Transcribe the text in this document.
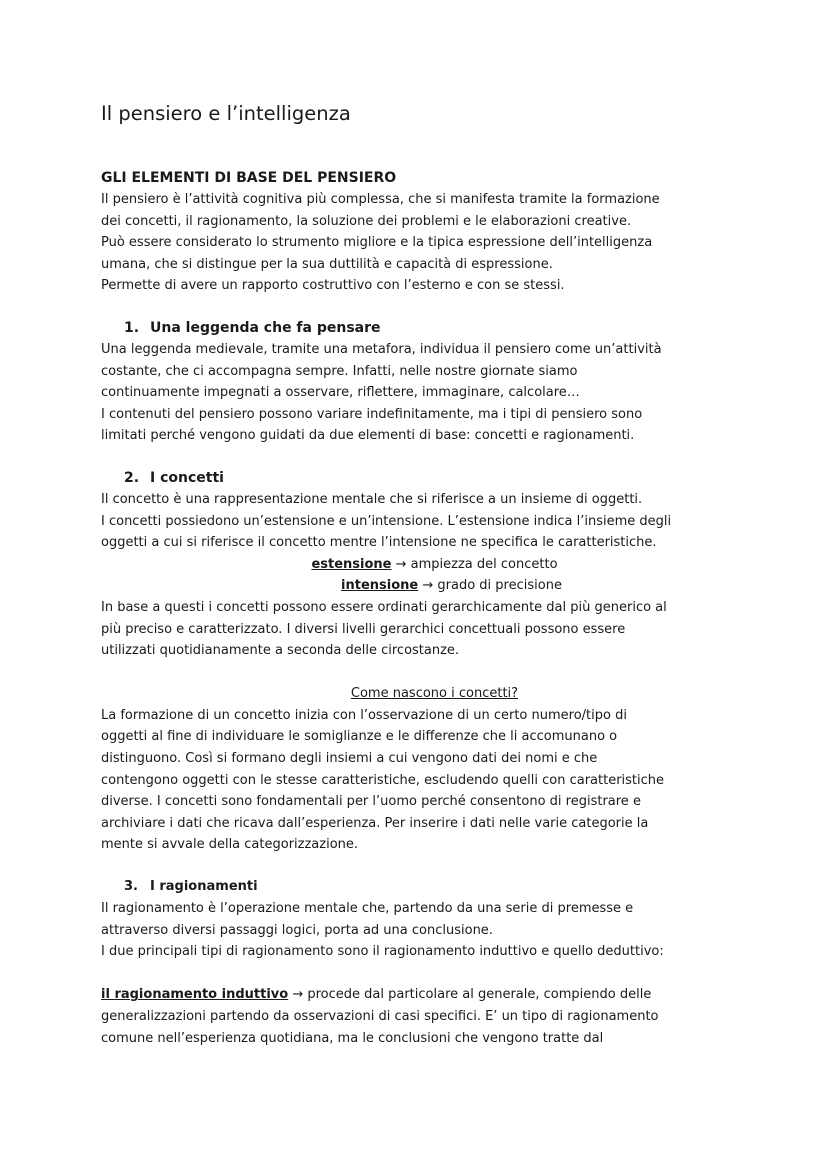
Il pensiero e l’intelligenza
GLI ELEMENTI DI BASE DEL PENSIERO

Il pensiero è l’attività cognitiva più complessa, che si manifesta tramite la formazione

dei concetti, il ragionamento, la soluzione dei problemi e le elaborazioni creative.

Può essere considerato lo strumento migliore e la tipica espressione dell’intelligenza

umana, che si distingue per la sua duttilità e capacità di espressione.

Permette di avere un rapporto costruttivo con l’esterno e con se stessi.

1. Una leggenda che fa pensare

Una leggenda medievale, tramite una metafora, individua il pensiero come un’attività

costante, che ci accompagna sempre. Infatti, nelle nostre giornate siamo

continuamente impegnati a osservare, riflettere, immaginare, calcolare…

I contenuti del pensiero possono variare indefinitamente, ma i tipi di pensiero sono

limitati perché vengono guidati da due elementi di base: concetti e ragionamenti.

2. I concetti

Il concetto è una rappresentazione mentale che si riferisce a un insieme di oggetti.

I concetti possiedono un’estensione e un’intensione. L’estensione indica l’insieme degli

oggetti a cui si riferisce il concetto mentre l’intensione ne specifica le caratteristiche.

estensione → ampiezza del concetto

intensione → grado di precisione

In base a questi i concetti possono essere ordinati gerarchicamente dal più generico al

più preciso e caratterizzato. I diversi livelli gerarchici concettuali possono essere

utilizzati quotidianamente a seconda delle circostanze.

Come nascono i concetti?

La formazione di un concetto inizia con l’osservazione di un certo numero/tipo di

oggetti al fine di individuare le somiglianze e le differenze che li accomunano o

distinguono. Così si formano degli insiemi a cui vengono dati dei nomi e che

contengono oggetti con le stesse caratteristiche, escludendo quelli con caratteristiche

diverse. I concetti sono fondamentali per l’uomo perché consentono di registrare e

archiviare i dati che ricava dall’esperienza. Per inserire i dati nelle varie categorie la

mente si avvale della categorizzazione.

3. I ragionamenti

Il ragionamento è l’operazione mentale che, partendo da una serie di premesse e

attraverso diversi passaggi logici, porta ad una conclusione.

I due principali tipi di ragionamento sono il ragionamento induttivo e quello deduttivo:

il ragionamento induttivo → procede dal particolare al generale, compiendo delle

generalizzazioni partendo da osservazioni di casi specifici. E’ un tipo di ragionamento

comune nell’esperienza quotidiana, ma le conclusioni che vengono tratte dal
